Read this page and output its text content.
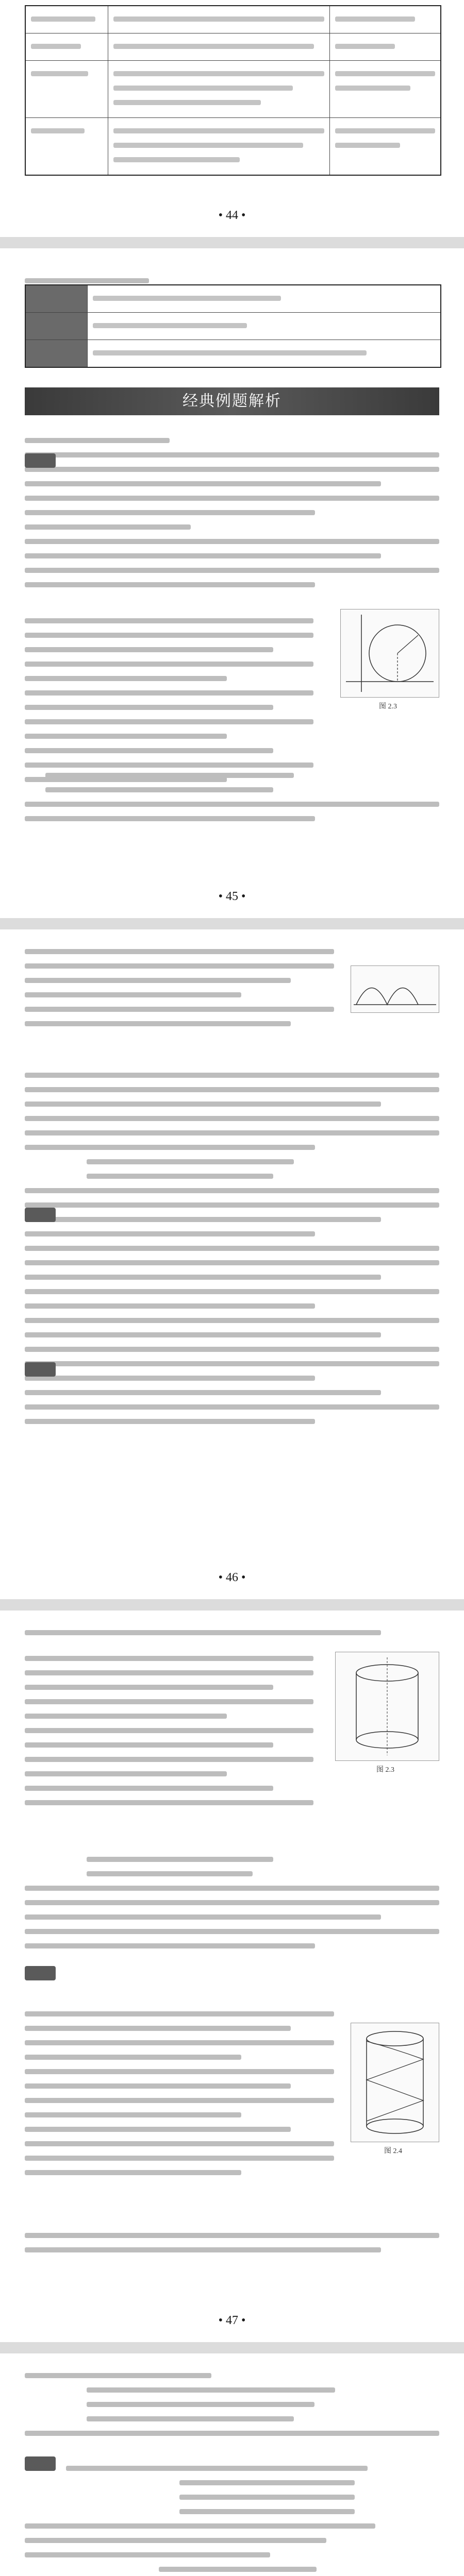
• 44 •
经典例题解析
图 2.3
• 45 •
• 46 •
图 2.3
图 2.4
• 47 •
